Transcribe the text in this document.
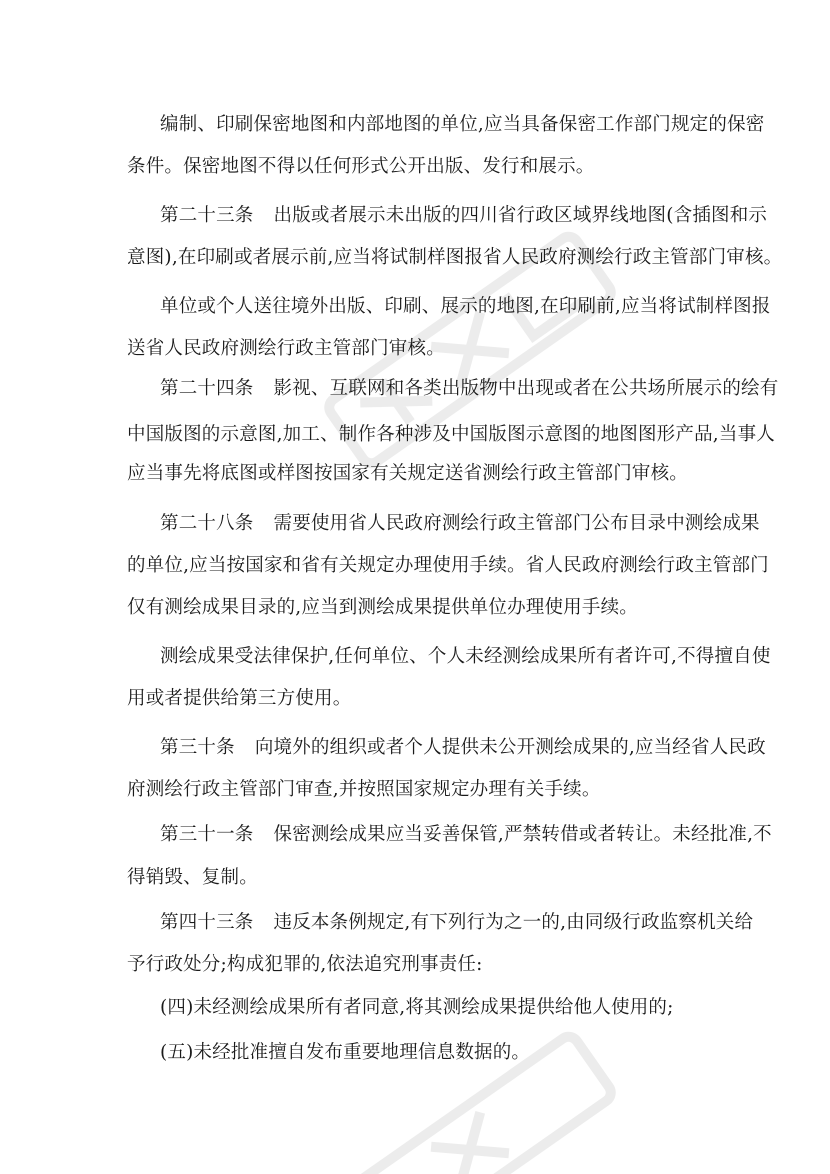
编制、印刷保密地图和内部地图的单位,应当具备保密工作部门规定的保密
条件。保密地图不得以任何形式公开出版、发行和展示。
第二十三条 出版或者展示未出版的四川省行政区域界线地图(含插图和示
意图),在印刷或者展示前,应当将试制样图报省人民政府测绘行政主管部门审核。
单位或个人送往境外出版、印刷、展示的地图,在印刷前,应当将试制样图报
送省人民政府测绘行政主管部门审核。
第二十四条 影视、互联网和各类出版物中出现或者在公共场所展示的绘有
中国版图的示意图,加工、制作各种涉及中国版图示意图的地图图形产品,当事人
应当事先将底图或样图按国家有关规定送省测绘行政主管部门审核。
第二十八条 需要使用省人民政府测绘行政主管部门公布目录中测绘成果
的单位,应当按国家和省有关规定办理使用手续。省人民政府测绘行政主管部门
仅有测绘成果目录的,应当到测绘成果提供单位办理使用手续。
测绘成果受法律保护,任何单位、个人未经测绘成果所有者许可,不得擅自使
用或者提供给第三方使用。
第三十条 向境外的组织或者个人提供未公开测绘成果的,应当经省人民政
府测绘行政主管部门审查,并按照国家规定办理有关手续。
第三十一条 保密测绘成果应当妥善保管,严禁转借或者转让。未经批准,不
得销毁、复制。
第四十三条 违反本条例规定,有下列行为之一的,由同级行政监察机关给
予行政处分;构成犯罪的,依法追究刑事责任:
(四)未经测绘成果所有者同意,将其测绘成果提供给他人使用的;
(五)未经批准擅自发布重要地理信息数据的。
